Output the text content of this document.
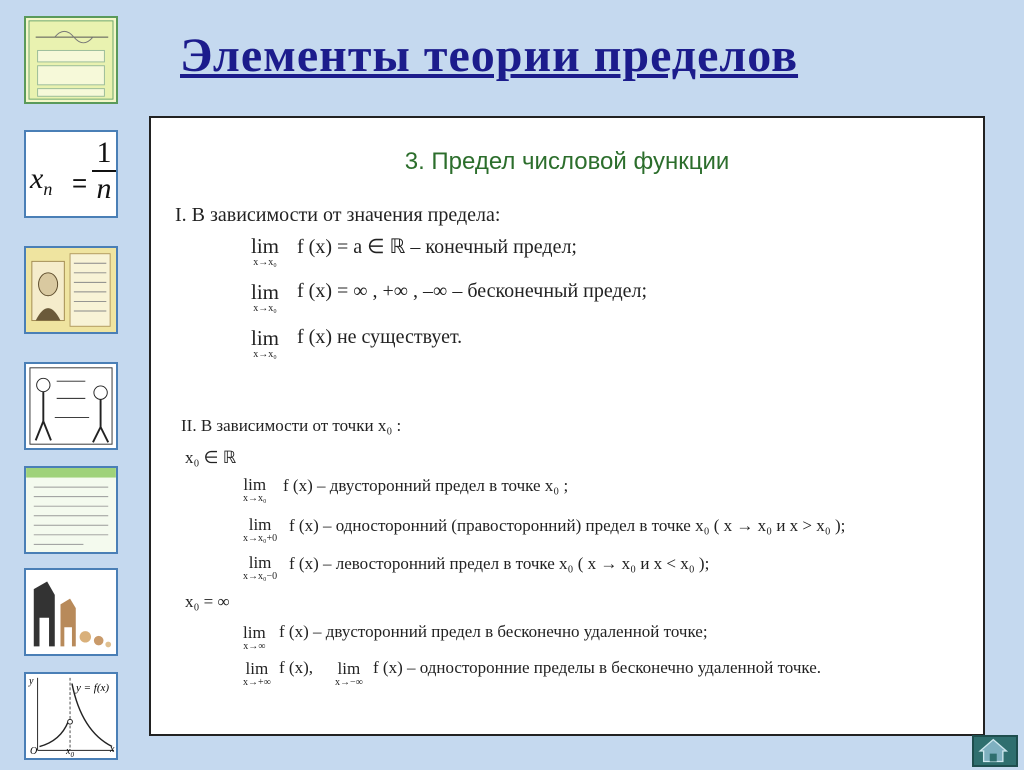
Элементы теории пределов
$x_n = \frac{1}{n}$
y
y = f(x)
O	$x_0$	x
3. Предел числовой функции
I. В зависимости от значения предела:
lim
x→x₀
f (x) = a ∈ ℝ – конечный предел;
lim
x→x₀
f (x) = ∞ , +∞ , –∞ – бесконечный предел;
lim
x→x₀
f (x) не существует.
II. В зависимости от точки x₀ :
x₀ ∈ ℝ
lim
x→x₀
f (x) – двусторонний предел в точке x₀ ;
lim
x→x₀+0
f (x) – односторонний (правосторонний) предел в точке x₀ ( x → x₀ и x > x₀ );
lim
x→x₀−0
f (x) – левосторонний предел в точке x₀ ( x → x₀ и x < x₀ );
x₀ = ∞
lim
x→∞
f (x) – двусторонний предел в бесконечно удаленной точке;
lim
x→+∞
f (x), lim
x→−∞
f (x) – односторонние пределы в бесконечно удаленной точке.
